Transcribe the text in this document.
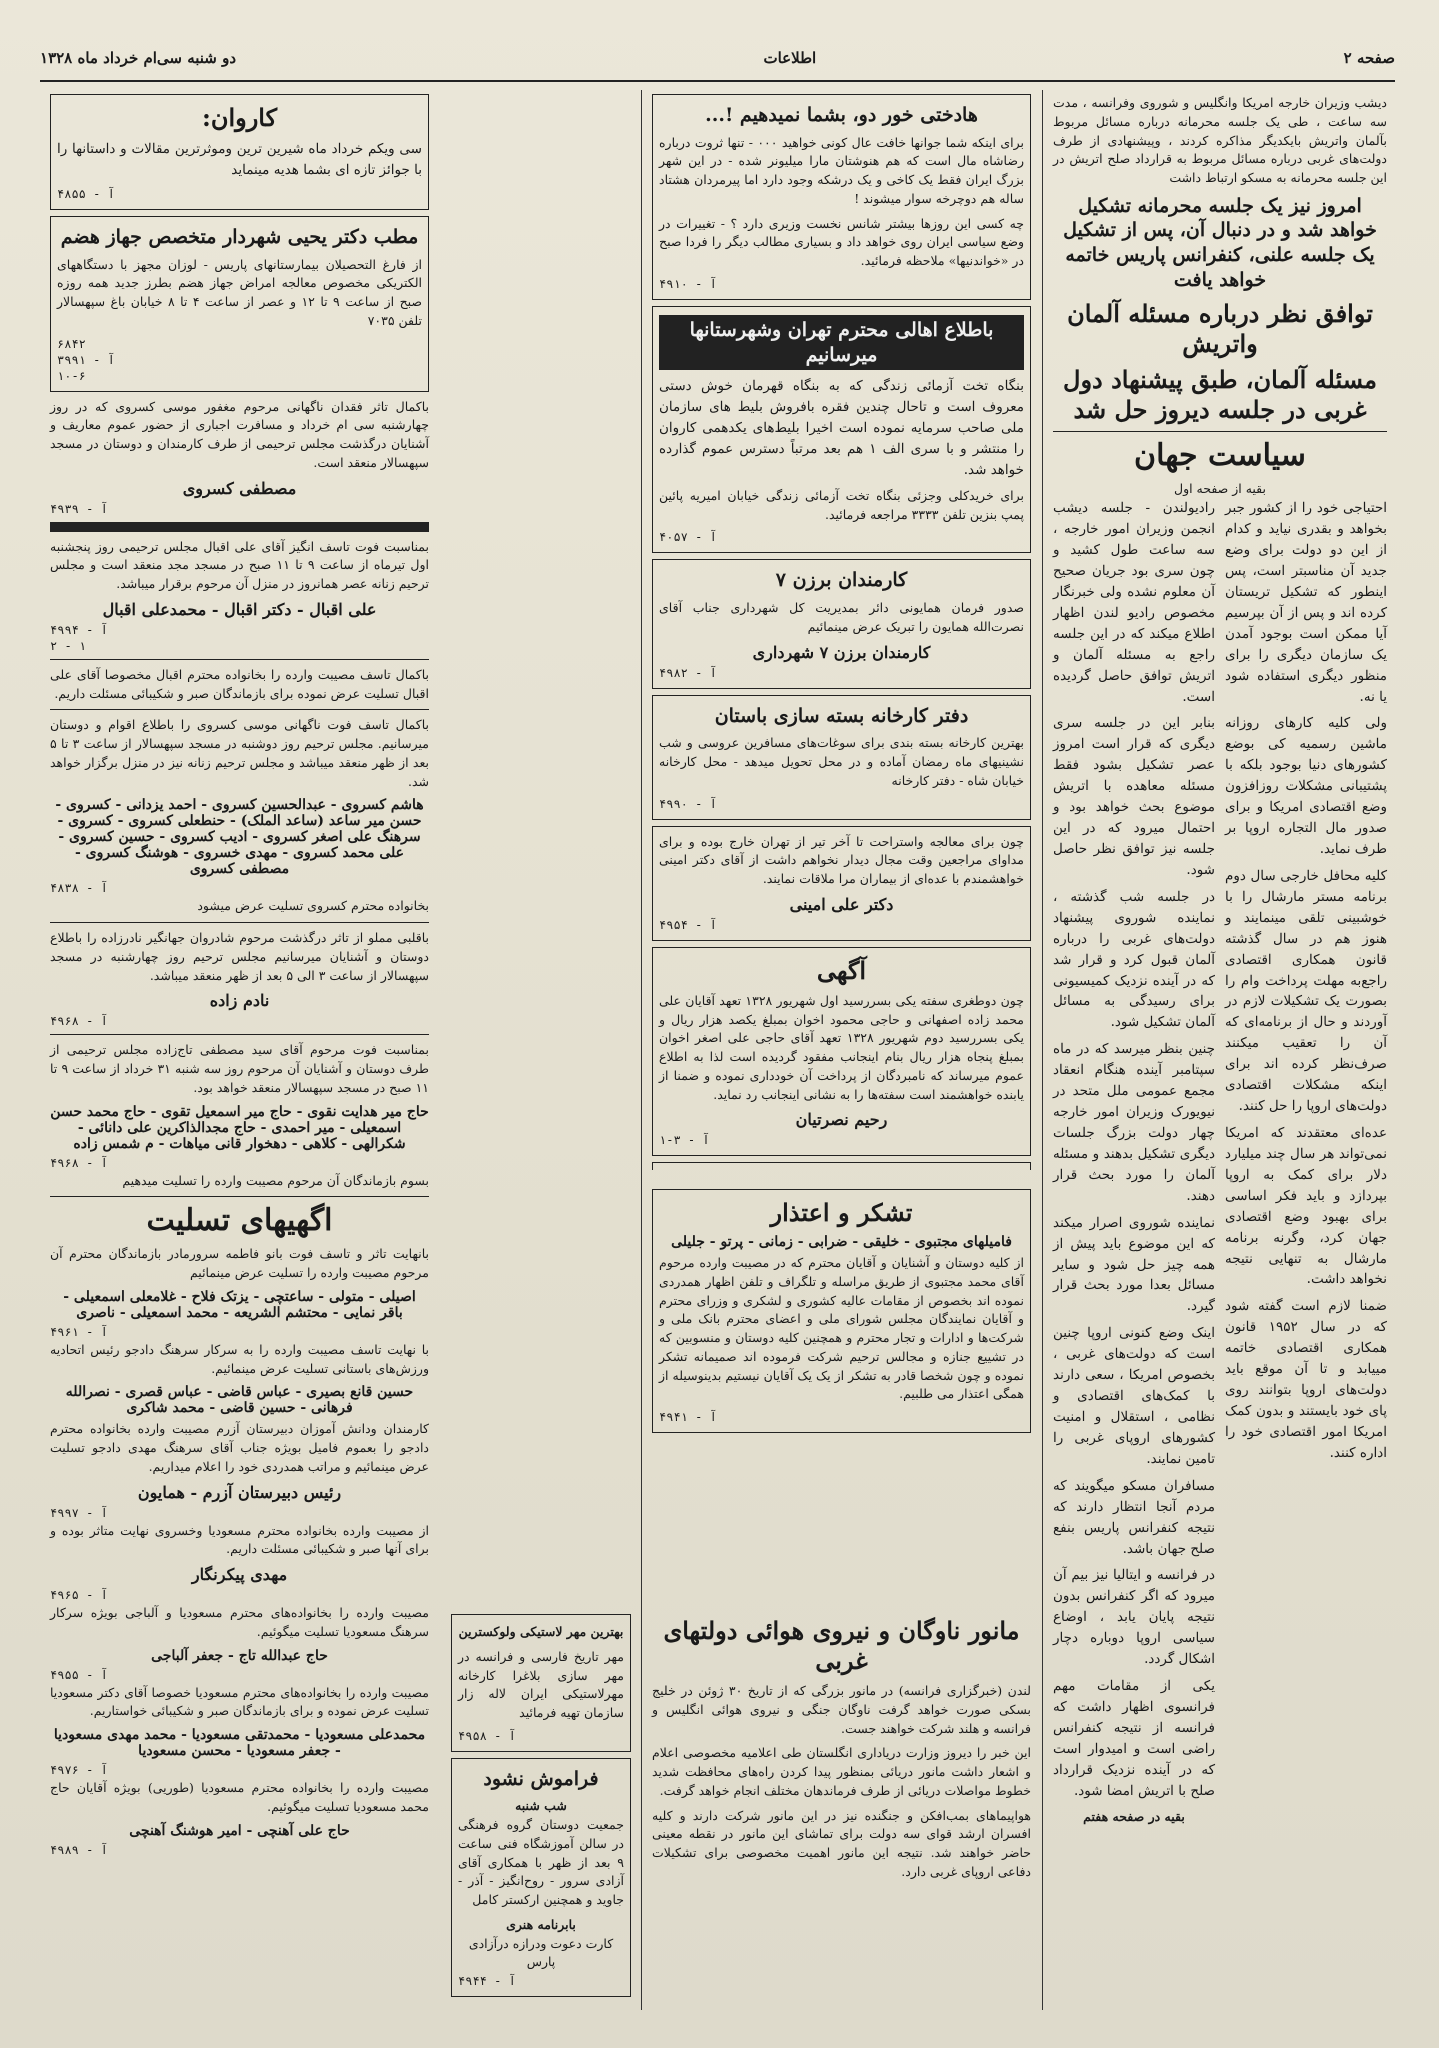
صفحه ۲
اطلاعات
دو شنبه سی‌ام خرداد ماه ۱۳۲۸

دیشب وزیران خارجه امریکا وانگلیس و شوروی وفرانسه ، مدت سه ساعت ، طی یک جلسه محرمانه درباره مسائل مربوط بآلمان واتریش بایکدیگر مذاکره کردند ، وپیشنهادی از طرف دولت‌های غربی درباره مسائل مربوط به قرارداد صلح اتریش در این جلسه محرمانه به مسکو ارتباط داشت

امروز نیز یک جلسه محرمانه تشکیل خواهد شد و در دنبال آن، پس از تشکیل یک جلسه علنی، کنفرانس پاریس خاتمه خواهد یافت
توافق نظر درباره مسئله آلمان واتریش
مسئله آلمان، طبق پیشنهاد دول غربی در جلسه دیروز حل شد
سیاست جهان
بقیه از صفحه اول

احتیاجی خود را از کشور جبر بخواهد و بقدری نیاید و کدام از این دو دولت برای وضع جدید آن مناسبتر است، پس اینطور که تشکیل تریستان کرده اند و پس از آن بپرسیم آیا ممکن است بوجود آمدن یک سازمان دیگری را برای منظور دیگری استفاده شود یا نه.

ولی کلیه کارهای روزانه ماشین رسمیه کی بوضع کشورهای دنیا بوجود بلکه با پشتیبانی مشکلات روزافزون وضع اقتصادی امریکا و برای صدور مال التجاره اروپا بر طرف نماید.

کلیه محافل خارجی سال دوم برنامه مستر مارشال را با خوشبینی تلقی مینمایند و هنوز هم در سال گذشته قانون همکاری اقتصادی راجع‌به مهلت پرداخت وام را بصورت یک تشکیلات لازم در آوردند و حال از برنامه‌ای که آن را تعقیب میکنند صرف‌نظر کرده اند برای اینکه مشکلات اقتصادی دولت‌های اروپا را حل کنند.

عده‌ای معتقدند که امریکا نمی‌تواند هر سال چند میلیارد دلار برای کمک به اروپا بپردازد و باید فکر اساسی برای بهبود وضع اقتصادی جهان کرد، وگرنه برنامه مارشال به تنهایی نتیجه نخواهد داشت.

ضمنا لازم است گفته شود که در سال ۱۹۵۲ قانون همکاری اقتصادی خاتمه مییابد و تا آن موقع باید دولت‌های اروپا بتوانند روی پای خود بایستند و بدون کمک امریکا امور اقتصادی خود را اداره کنند.

رادیولندن - جلسه دیشب انجمن وزیران امور خارجه ، سه ساعت طول کشید و چون سری بود جریان صحیح آن معلوم نشده ولی خبرنگار مخصوص رادیو لندن اظهار اطلاع میکند که در این جلسه راجع به مسئله آلمان و اتریش توافق حاصل گردیده است.

بنابر این در جلسه سری دیگری که قرار است امروز عصر تشکیل بشود فقط مسئله معاهده با اتریش موضوع بحث خواهد بود و احتمال میرود که در این جلسه نیز توافق نظر حاصل شود.

در جلسه شب گذشته ، نماینده شوروی پیشنهاد دولت‌های غربی را درباره آلمان قبول کرد و قرار شد که در آینده نزدیک کمیسیونی برای رسیدگی به مسائل آلمان تشکیل شود.

چنین بنظر میرسد که در ماه سپتامبر آینده هنگام انعقاد مجمع عمومی ملل متحد در نیویورک وزیران امور خارجه چهار دولت بزرگ جلسات دیگری تشکیل بدهند و مسئله آلمان را مورد بحث قرار دهند.

نماینده شوروی اصرار میکند که این موضوع باید پیش از همه چیز حل شود و سایر مسائل بعدا مورد بحث قرار گیرد.

اینک وضع کنونی اروپا چنین است که دولت‌های غربی ، بخصوص امریکا ، سعی دارند با کمک‌های اقتصادی و نظامی ، استقلال و امنیت کشورهای اروپای غربی را تامین نمایند.

مسافران مسکو میگویند که مردم آنجا انتظار دارند که نتیجه کنفرانس پاریس بنفع صلح جهان باشد.

در فرانسه و ایتالیا نیز بیم آن میرود که اگر کنفرانس بدون نتیجه پایان یابد ، اوضاع سیاسی اروپا دوباره دچار اشکال گردد.

یکی از مقامات مهم فرانسوی اظهار داشت که فرانسه از نتیجه کنفرانس راضی است و امیدوار است که در آینده نزدیک قرارداد صلح با اتریش امضا شود.

بقیه در صفحه هفتم

هادختی خور دو، بشما نمیدهیم !...

برای اینکه شما جوانها خافت عال کونی خواهید ۰۰۰ - تنها ثروت درباره رضاشاه مال است که هم هنوشتان مارا میلیونر شده - در این شهر بزرگ ایران فقط یک کاخی و یک درشکه وجود دارد اما پیرمردان هشتاد ساله هم دوچرخه سوار میشوند !

چه کسی این روزها بیشتر شانس نخست وزیری دارد ؟ - تغییرات در وضع سیاسی ایران روی خواهد داد و بسیاری مطالب دیگر را فردا صبح در «خواندنیها» ملاحظه فرمائید.

آ - ۴۹۱۰
باطلاع اهالی محترم تهران وشهرستانها میرسانیم

بنگاه تخت آزمائی زندگی که به بنگاه قهرمان خوش دستی معروف است و تاحال چندین فقره بافروش بلیط های سازمان ملی صاحب سرمایه نموده است اخیرا بلیط‌های یکدهمی کاروان را منتشر و با سری الف ۱ هم بعد مرتباً دسترس عموم گذارده خواهد شد.

برای خریدکلی وجزئی بنگاه تخت آزمائی زندگی خیابان امیریه پائین پمپ بنزین تلفن ۳۳۳۳ مراجعه فرمائید.

آ - ۴۰۵۷
کارمندان برزن ۷

صدور فرمان همایونی دائر بمدیریت کل شهرداری جناب آقای نصرت‌الله همایون را تبریک عرض مینمائیم

کارمندان برزن ۷ شهرداری
آ - ۴۹۸۲
دفتر کارخانه بسته سازی باستان

بهترین کارخانه بسته بندی برای سوغات‌های مسافرین عروسی و شب نشینیهای ماه رمضان آماده و در محل تحویل میدهد - محل کارخانه خیابان شاه - دفتر کارخانه

آ - ۴۹۹۰

چون برای معالجه واستراحت تا آخر تیر از تهران خارج بوده و برای مداوای مراجعین وقت مجال دیدار نخواهم داشت از آقای دکتر امینی خواهشمندم با عده‌ای از بیماران مرا ملاقات نمایند.

دکتر علی امینی
آ - ۴۹۵۴
آگهی

چون دوطغری سفته یکی بسررسید اول شهریور ۱۳۲۸ تعهد آقایان علی محمد زاده اصفهانی و حاجی محمود اخوان بمبلغ یکصد هزار ریال و یکی بسررسید دوم شهریور ۱۳۲۸ تعهد آقای حاجی علی اصغر اخوان بمبلغ پنجاه هزار ریال بنام اینجانب مفقود گردیده است لذا به اطلاع عموم میرساند که نامبردگان از پرداخت آن خودداری نموده و ضمنا از یابنده خواهشمند است سفته‌ها را به نشانی اینجانب رد نماید.

رحیم نصرتیان
آ - ۳-۱

تشکر و اعتذار
فامیلهای مجتبوی - خلیقی - ضرابی - زمانی - پرتو - جلیلی

از کلیه دوستان و آشنایان و آقایان محترم که در مصیبت وارده مرحوم آقای محمد مجتبوی از طریق مراسله و تلگراف و تلفن اظهار همدردی نموده اند بخصوص از مقامات عالیه کشوری و لشکری و وزرای محترم و آقایان نمایندگان مجلس شورای ملی و اعضای محترم بانک ملی و شرکت‌ها و ادارات و تجار محترم و همچنین کلیه دوستان و منسوبین که در تشییع جنازه و مجالس ترحیم شرکت فرموده اند صمیمانه تشکر نموده و چون شخصا قادر به تشکر از یک یک آقایان نیستیم بدینوسیله از همگی اعتذار می طلبیم.

آ - ۴۹۴۱
مانور ناوگان و نیروی هوائی دولتهای غربی

لندن (خبرگزاری فرانسه) در مانور بزرگی که از تاریخ ۳۰ ژوئن در خلیج بسکی صورت خواهد گرفت ناوگان جنگی و نیروی هوائی انگلیس و فرانسه و هلند شرکت خواهند جست.

این خبر را دیروز وزارت دریاداری انگلستان طی اعلامیه مخصوصی اعلام و اشعار داشت مانور دریائی بمنظور پیدا کردن راه‌های محافظت شدید خطوط مواصلات دریائی از طرف فرماندهان مختلف انجام خواهد گرفت.

هواپیماهای بمب‌افکن و جنگنده نیز در این مانور شرکت دارند و کلیه افسران ارشد قوای سه دولت برای تماشای این مانور در نقطه معینی حاضر خواهند شد. نتیجه این مانور اهمیت مخصوصی برای تشکیلات دفاعی اروپای غربی دارد.

بهترین مهر لاستیکی ولوکسترین

مهر تاریخ فارسی و فرانسه در مهر سازی بلاغرا کارخانه مهرلاستیکی ایران لاله زار سازمان تهیه فرمائید

آ - ۴۹۵۸
فراموش نشود
شب شنبه

جمعیت دوستان گروه فرهنگی در سالن آموزشگاه فنی ساعت ۹ بعد از ظهر با همکاری آقای آزادی سرور - روح‌انگیز - آذر - جاوید و همچنین ارکستر کامل

بابرنامه هنری
کارت دعوت ودرازه درآزادی پارس
آ - ۴۹۴۴
کاروان:

سی ویکم خرداد ماه شیرین ترین وموثرترین مقالات و داستانها را با جوائز تازه ای بشما هدیه مینماید

آ - ۴۸۵۵
مطب دکتر یحیی شهردار متخصص جهاز هضم

از فارغ التحصیلان بیمارستانهای پاریس - لوزان مجهز با دستگاههای الکتریکی مخصوص معالجه امراض جهاز هضم بطرز جدید همه روزه صبح از ساعت ۹ تا ۱۲ و عصر از ساعت ۴ تا ۸ خیابان باغ سپهسالار تلفن ۷۰۳۵

۶۸۴۲
آ - ۳۹۹۱
۱۰-۶

باکمال تاثر فقدان ناگهانی مرحوم مغفور موسی کسروی که در روز چهارشنبه سی ام خرداد و مسافرت اجباری از حضور عموم معاریف و آشنایان درگذشت مجلس ترحیمی از طرف کارمندان و دوستان در مسجد سپهسالار منعقد است.

مصطفی کسروی
آ - ۴۹۳۹

بمناسبت فوت تاسف انگیز آقای علی اقبال مجلس ترحیمی روز پنجشنبه اول تیرماه از ساعت ۹ تا ۱۱ صبح در مسجد مجد منعقد است و مجلس ترحیم زنانه عصر همانروز در منزل آن مرحوم برقرار میباشد.

علی اقبال - دکتر اقبال - محمدعلی اقبال
آ - ۴۹۹۴
۲ - ۱

باکمال تاسف مصیبت وارده را بخانواده محترم اقبال مخصوصا آقای علی اقبال تسلیت عرض نموده برای بازماندگان صبر و شکیبائی مسئلت داریم.

باکمال تاسف فوت ناگهانی موسی کسروی را باطلاع اقوام و دوستان میرسانیم. مجلس ترحیم روز دوشنبه در مسجد سپهسالار از ساعت ۳ تا ۵ بعد از ظهر منعقد میباشد و مجلس ترحیم زنانه نیز در منزل برگزار خواهد شد.

هاشم کسروی - عبدالحسین کسروی - احمد یزدانی - کسروی - حسن میر ساعد (ساعد الملک) - حنطعلی کسروی - کسروی - سرهنگ علی اصغر کسروی - ادیب کسروی - حسین کسروی - علی محمد کسروی - مهدی خسروی - هوشنگ کسروی - مصطفی کسروی
آ - ۴۸۳۸
بخانواده محترم کسروی تسلیت عرض میشود

باقلبی مملو از تاثر درگذشت مرحوم شادروان جهانگیر نادرزاده را باطلاع دوستان و آشنایان میرسانیم مجلس ترحیم روز چهارشنبه در مسجد سپهسالار از ساعت ۳ الی ۵ بعد از ظهر منعقد میباشد.

نادم زاده
آ - ۴۹۶۸

بمناسبت فوت مرحوم آقای سید مصطفی تاج‌زاده مجلس ترحیمی از طرف دوستان و آشنایان آن مرحوم روز سه شنبه ۳۱ خرداد از ساعت ۹ تا ۱۱ صبح در مسجد سپهسالار منعقد خواهد بود.

حاج میر هدایت نقوی - حاج میر اسمعیل تقوی - حاج محمد حسن اسمعیلی - میر احمدی - حاج مجدالذاکرین علی دانائی - شکرالهی - کلاهی - دهخوار قانی میاهات - م شمس زاده
آ - ۴۹۶۸
بسوم بازماندگان آن مرحوم مصیبت وارده را تسلیت میدهیم
اگهیهای تسلیت

بانهایت تاثر و تاسف فوت بانو فاطمه سرورمادر بازماندگان محترم آن مرحوم مصیبت وارده را تسلیت عرض مینمائیم

اصیلی - متولی - ساعتچی - یزتک فلاح - غلامعلی اسمعیلی - باقر نمایی - محتشم الشریعه - محمد اسمعیلی - ناصری
آ - ۴۹۶۱

با نهایت تاسف مصیبت وارده را به سرکار سرهنگ دادجو رئیس اتحادیه ورزش‌های باستانی تسلیت عرض مینمائیم.

حسین قانع بصیری - عباس قاضی - عباس قصری - نصرالله فرهانی - حسین قاضی - محمد شاکری

کارمندان ودانش آموزان دبیرستان آزرم مصیبت وارده بخانواده محترم دادجو را بعموم فامیل بویژه جناب آقای سرهنگ مهدی دادجو تسلیت عرض مینمائیم و مراتب همدردی خود را اعلام میداریم.

رئیس دبیرستان آزرم - همایون
آ - ۴۹۹۷

از مصیبت وارده بخانواده محترم مسعودیا وخسروی نهایت متاثر بوده و برای آنها صبر و شکیبائی مسئلت داریم.

مهدی پیکرنگار
آ - ۴۹۶۵

مصیبت وارده را بخانواده‌های محترم مسعودیا و آلباجی بویژه سرکار سرهنگ مسعودیا تسلیت میگوئیم.

حاج عبدالله تاج - جعفر آلباجی
آ - ۴۹۵۵

مصیبت وارده را بخانواده‌های محترم مسعودیا خصوصا آقای دکتر مسعودیا تسلیت عرض نموده و برای بازماندگان صبر و شکیبائی خواستاریم.

محمدعلی مسعودیا - محمدتقی مسعودیا - محمد مهدی مسعودیا - جعفر مسعودیا - محسن مسعودیا
آ - ۴۹۷۶

مصیبت وارده را بخانواده محترم مسعودیا (طوریی) بویژه آقایان حاج محمد مسعودیا تسلیت میگوئیم.

حاج علی آهنچی - امیر هوشنگ آهنچی
آ - ۴۹۸۹
